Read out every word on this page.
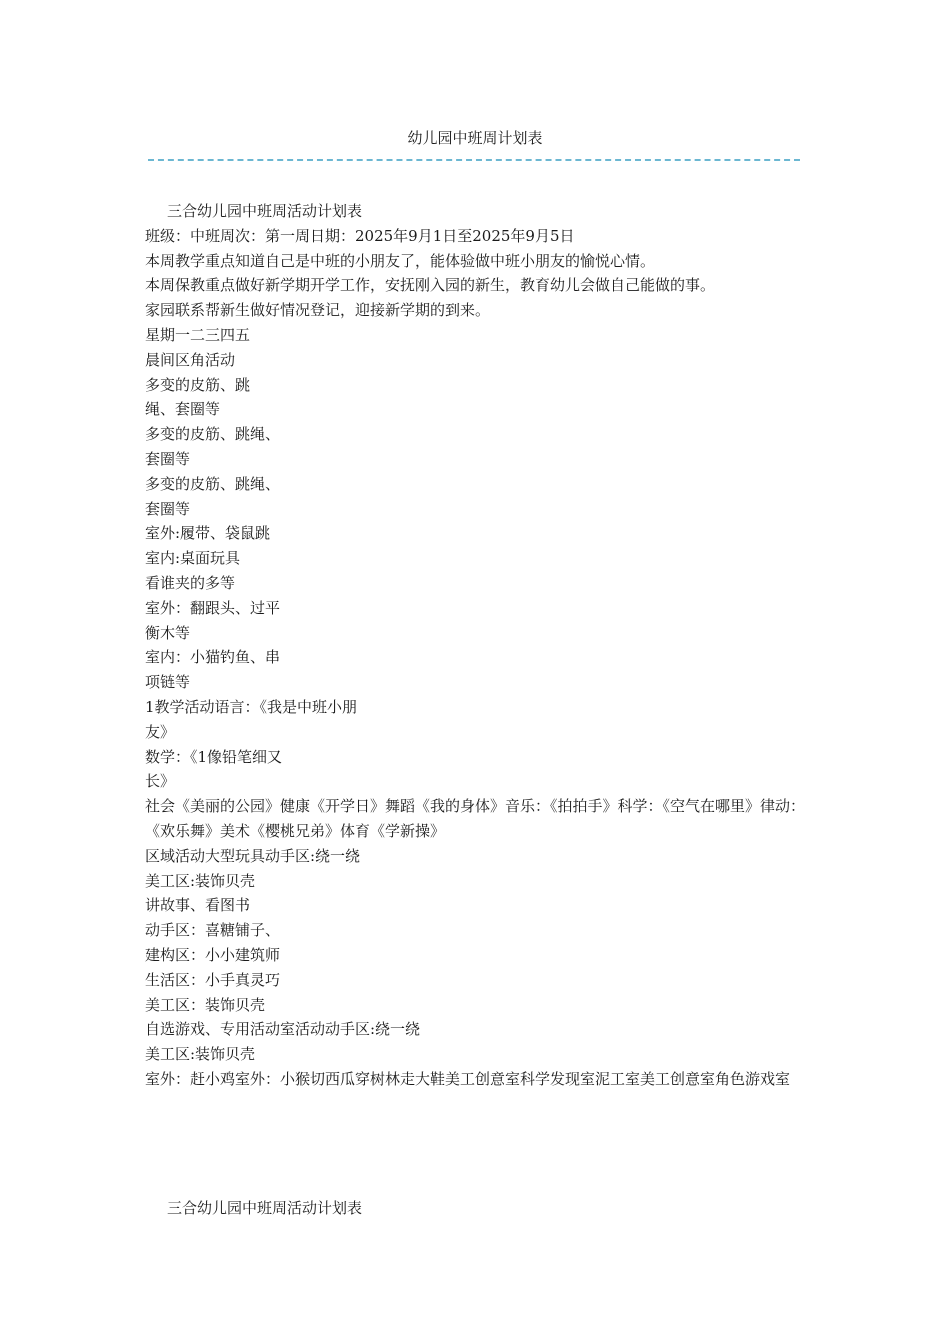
幼儿园中班周计划表

三合幼儿园中班周活动计划表

班级：中班周次：第一周日期：2025年9月1日至2025年9月5日

本周教学重点知道自己是中班的小朋友了，能体验做中班小朋友的愉悦心情。

本周保教重点做好新学期开学工作，安抚刚入园的新生，教育幼儿会做自己能做的事。

家园联系帮新生做好情况登记，迎接新学期的到来。

星期一二三四五

晨间区角活动

多变的皮筋、跳

绳、套圈等

多变的皮筋、跳绳、

套圈等

多变的皮筋、跳绳、

套圈等

室外:履带、袋鼠跳

室内:桌面玩具

看谁夹的多等

室外：翻跟头、过平

衡木等

室内：小猫钓鱼、串

项链等

1教学活动语言：《我是中班小朋

友》

数学：《1像铅笔细又

长》

社会《美丽的公园》健康《开学日》舞蹈《我的身体》音乐：《拍拍手》科学：《空气在哪里》律动：《欢乐舞》美术《樱桃兄弟》体育《学新操》

区域活动大型玩具动手区:绕一绕

美工区:装饰贝壳

讲故事、看图书

动手区：喜糖铺子、

建构区：小小建筑师

生活区：小手真灵巧

美工区：装饰贝壳

自选游戏、专用活动室活动动手区:绕一绕

美工区:装饰贝壳

室外：赶小鸡室外：小猴切西瓜穿树林走大鞋美工创意室科学发现室泥工室美工创意室角色游戏室

三合幼儿园中班周活动计划表
